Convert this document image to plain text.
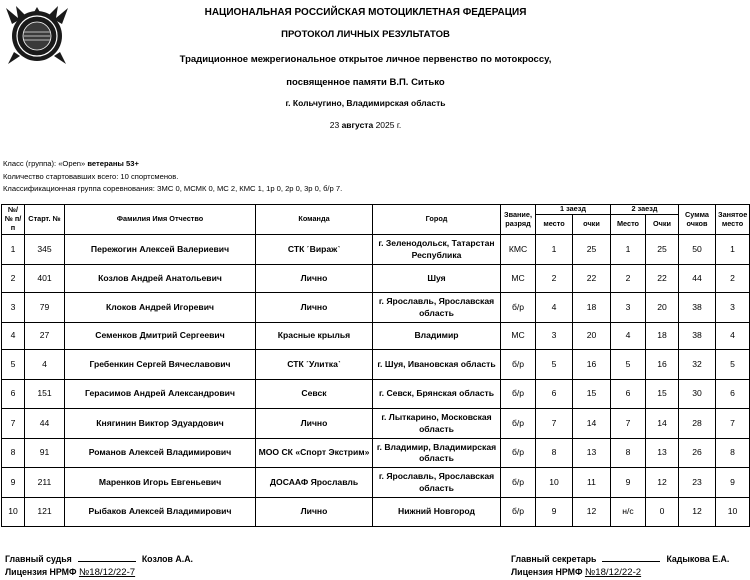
НАЦИОНАЛЬНАЯ РОССИЙСКАЯ МОТОЦИКЛЕТНАЯ ФЕДЕРАЦИЯ
ПРОТОКОЛ ЛИЧНЫХ РЕЗУЛЬТАТОВ
Традиционное межрегиональное открытое личное первенство по мотокроссу,
посвященное памяти В.П. Ситько
г. Кольчугино, Владимирская область
23 августа 2025 г.
Класс (группа): «Open» ветераны 53+
Количество стартовавших всего: 10 спортсменов.
Классификационная группа соревнования: ЗМС 0, МСМК 0, МС 2, КМС 1, 1р 0, 2р 0, 3р 0, б/р 7.
№/№ п/п	Старт. №	Фамилия Имя Отчество	Команда	Город	Звание, разряд	1 заезд		2 заезд		Сумма очков	Занятое место
						место	очки	Место	Очки		
1	345	Пережогин Алексей Валериевич	СТК ˹Вираж˺	г. Зеленодольск, Татарстан Республика	КМС	1	25	1	25	50	1
2	401	Козлов Андрей Анатольевич	Лично	Шуя	МС	2	22	2	22	44	2
3	79	Клоков Андрей Игоревич	Лично	г. Ярославль, Ярославская область	б/р	4	18	3	20	38	3
4	27	Семенков Дмитрий Сергеевич	Красные крылья	Владимир	МС	3	20	4	18	38	4
5	4	Гребенкин Сергей Вячеславович	СТК ˹Улитка˺	г. Шуя, Ивановская область	б/р	5	16	5	16	32	5
6	151	Герасимов Андрей Александрович	Севск	г. Севск, Брянская область	б/р	6	15	6	15	30	6
7	44	Княгинин Виктор Эдуардович	Лично	г. Лыткарино, Московская область	б/р	7	14	7	14	28	7
8	91	Романов Алексей Владимирович	МОО СК «Спорт Экстрим»	г. Владимир, Владимирская область	б/р	8	13	8	13	26	8
9	211	Маренков Игорь Евгеньевич	ДОСААФ Ярославль	г. Ярославль, Ярославская область	б/р	10	11	9	12	23	9
10	121	Рыбаков Алексей Владимирович	Лично	Нижний Новгород	б/р	9	12	н/с	0	12	10
Главный судья	Козлов А.А.
Лицензия НРМФ №18/12/22-7
Главный секретарь	Кадыкова Е.А.
Лицензия НРМФ №18/12/22-2
